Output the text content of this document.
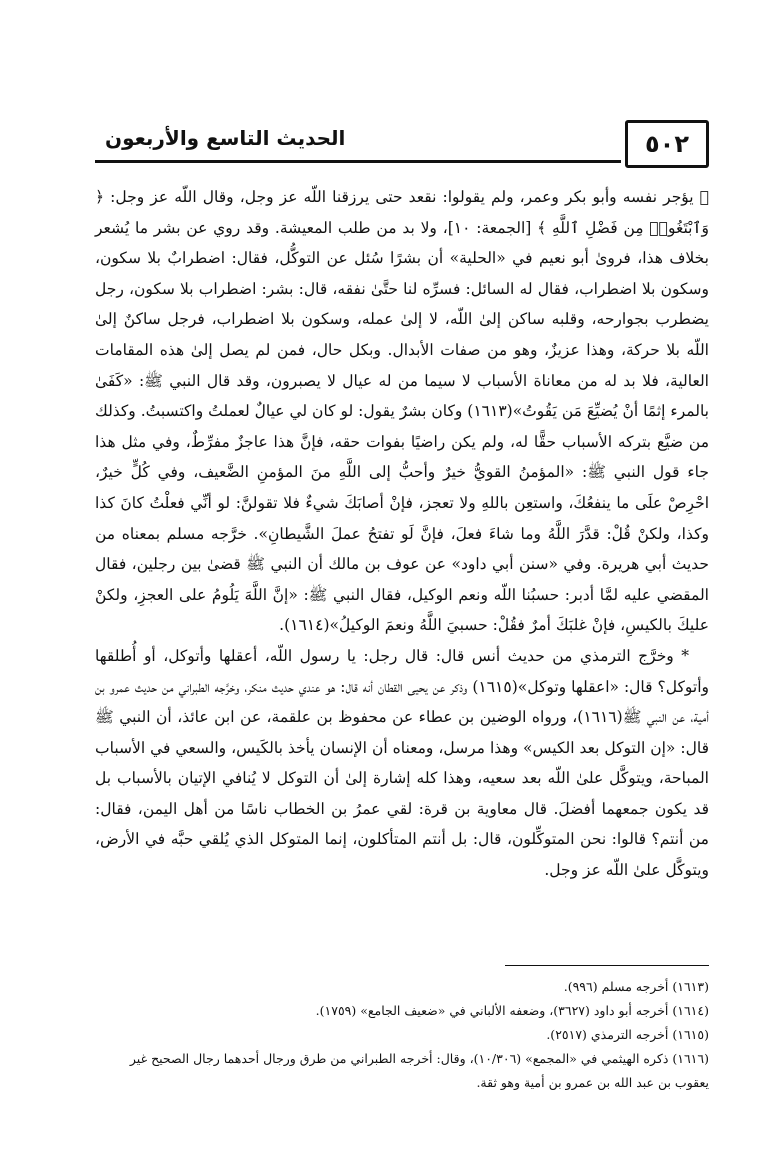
٥٠٢
الحديث التاسع والأربعون

ﷺ يؤجر نفسه وأبو بكر وعمر، ولم يقولوا: نقعد حتى يرزقنا اللّه عز وجل، وقال اللّه عز وجل: ﴿ وَٱبْتَغُوا۟ مِن فَضْلِ ٱللَّهِ ﴾ [الجمعة: ١٠]، ولا بد من طلب المعيشة. وقد روي عن بشر ما يُشعر بخلاف هذا، فروىٰ أبو نعيم في «الحلية» أن بشرًا سُئل عن التوكُّل، فقال: اضطرابٌ بلا سكون، وسكون بلا اضطراب، فقال له السائل: فسرِّه لنا حتَّىٰ نفقه، قال: بشر: اضطراب بلا سكون، رجل يضطرب بجوارحه، وقلبه ساكن إلىٰ اللّه، لا إلىٰ عمله، وسكون بلا اضطراب، فرجل ساكنٌ إلىٰ اللّه بلا حركة، وهذا عزيزٌ، وهو من صفات الأبدال. وبكل حال، فمن لم يصل إلىٰ هذه المقامات العالية، فلا بد له من معاناة الأسباب لا سيما من له عيال لا يصبرون، وقد قال النبي ﷺ: «كَفَىٰ بالمرء إثمًا أنْ يُضيِّعَ مَن يَقُوتُ»(١٦١٣) وكان بشرٌ يقول: لو كان لي عيالٌ لعملتُ واكتسبتُ. وكذلك من ضيَّع بتركه الأسباب حقًّا له، ولم يكن راضيًا بفوات حقه، فإنَّ هذا عاجزٌ مفرِّطٌ، وفي مثل هذا جاء قول النبي ﷺ: «المؤمنُ القويُّ خيرٌ وأحبُّ إلى اللَّهِ منَ المؤمنِ الضَّعيف، وفي كُلٍّ خيرٌ، احْرِصْ علَى ما ينفعُكَ، واستعِن باللهِ ولا تعجز، فإنْ أصابَكَ شيءٌ فلا تقولنَّ: لو أنِّي فعلْتُ كانَ كذا وكذا، ولكنْ قُلْ: قدَّرَ اللَّهُ وما شاءَ فعلَ، فإنَّ لَو تفتحُ عملَ الشَّيطانِ». خرَّجه مسلم بمعناه من حديث أبي هريرة. وفي «سنن أبي داود» عن عوف بن مالك أن النبي ﷺ قضىٰ بين رجلين، فقال المقضي عليه لمَّا أدبر: حسبُنا اللّه ونعم الوكيل، فقال النبي ﷺ: «إنَّ اللَّهَ يَلُومُ على العجزِ، ولكنْ عليكَ بالكيسِ، فإنْ غلبَكَ أمرٌ فقُلْ: حسبيَ اللَّهُ ونعمَ الوكيلُ»(١٦١٤).

* وخرَّج الترمذي من حديث أنس قال: قال رجل: يا رسول اللّه، أعقلها وأتوكل، أو أُطلقها وأتوكل؟ قال: «اعقلها وتوكل»(١٦١٥) وذكر عن يحيى القطان أنه قال: هو عندي حديث منكر، وخرَّجه الطبراني من حديث عمرو بن أمية، عن النبي ﷺ(١٦١٦)، ورواه الوضين بن عطاء عن محفوظ بن علقمة، عن ابن عائذ، أن النبي ﷺ قال: «إن التوكل بعد الكيس» وهذا مرسل، ومعناه أن الإنسان يأخذ بالكَيس، والسعي في الأسباب المباحة، ويتوكَّل علىٰ اللّه بعد سعيه، وهذا كله إشارة إلىٰ أن التوكل لا يُنافي الإتيان بالأسباب بل قد يكون جمعهما أفضلَ. قال معاوية بن قرة: لقي عمرُ بن الخطاب ناسًا من أهل اليمن، فقال: من أنتم؟ قالوا: نحن المتوكِّلون، قال: بل أنتم المتأكلون، إنما المتوكل الذي يُلقي حبَّه في الأرض، ويتوكَّل علىٰ اللّه عز وجل.

(١٦١٣) أخرجه مسلم (٩٩٦).
(١٦١٤) أخرجه أبو داود (٣٦٢٧)، وضعفه الألباني في «ضعيف الجامع» (١٧٥٩).
(١٦١٥) أخرجه الترمذي (٢٥١٧).
(١٦١٦) ذكره الهيثمي في «المجمع» (١٠/٣٠٦)، وقال: أخرجه الطبراني من طرق ورجال أحدهما رجال الصحيح غير يعقوب بن عبد الله بن عمرو بن أمية وهو ثقة.
